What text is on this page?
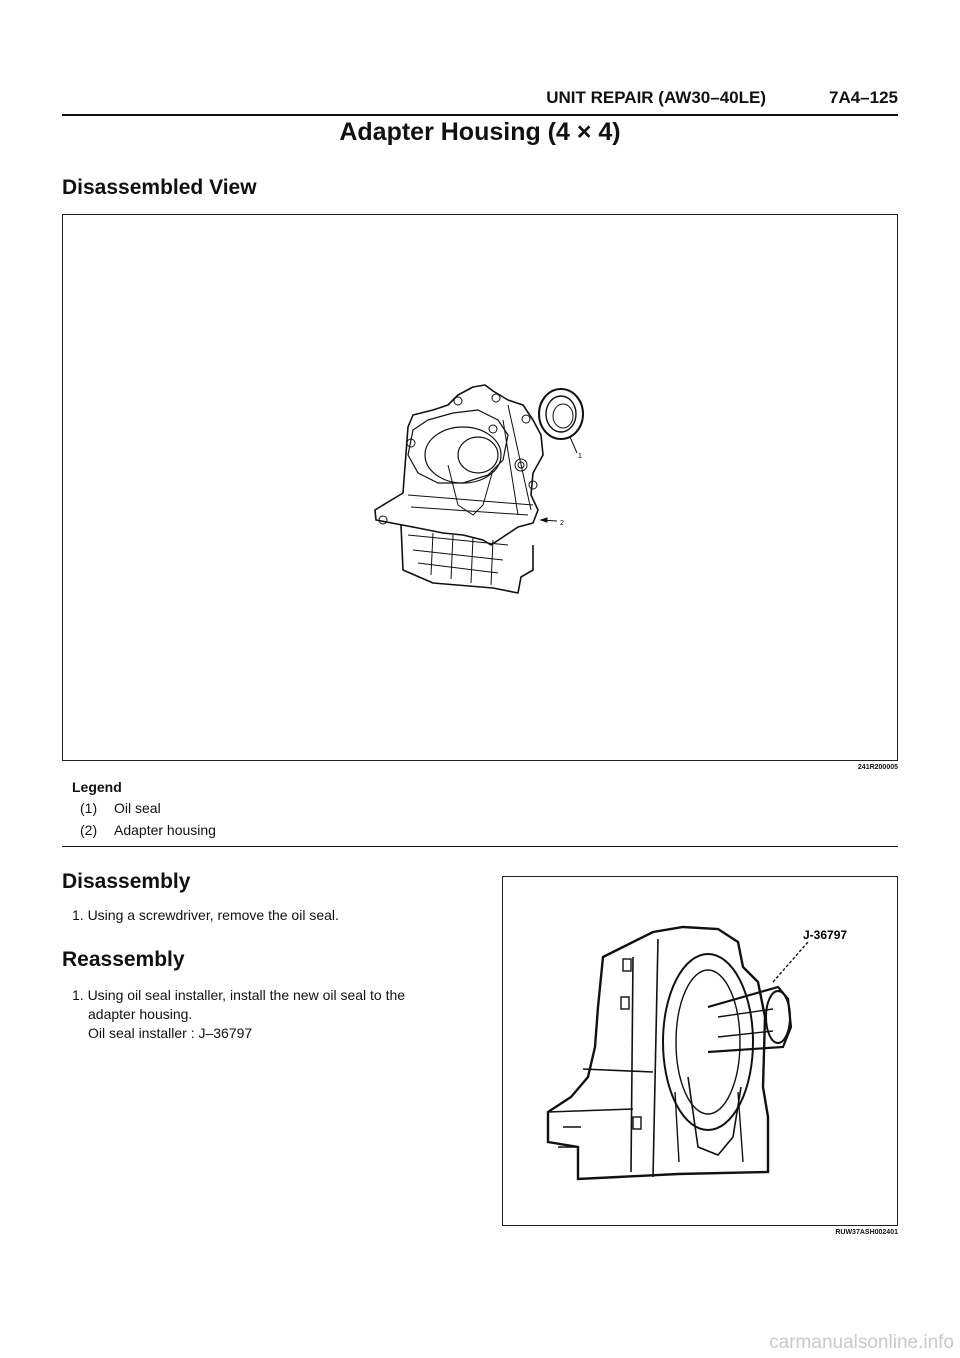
UNIT REPAIR (AW30–40LE)	7A4–125
Adapter Housing (4 × 4)
Disassembled View
1
2
241R200005
Legend
(1) Oil seal
(2) Adapter housing
Disassembly
1. Using a screwdriver, remove the oil seal.
Reassembly
1. Using oil seal installer, install the new oil seal to the
adapter housing.
Oil seal installer : J–36797
J-36797
RUW37ASH002401
carmanualsonline.info
